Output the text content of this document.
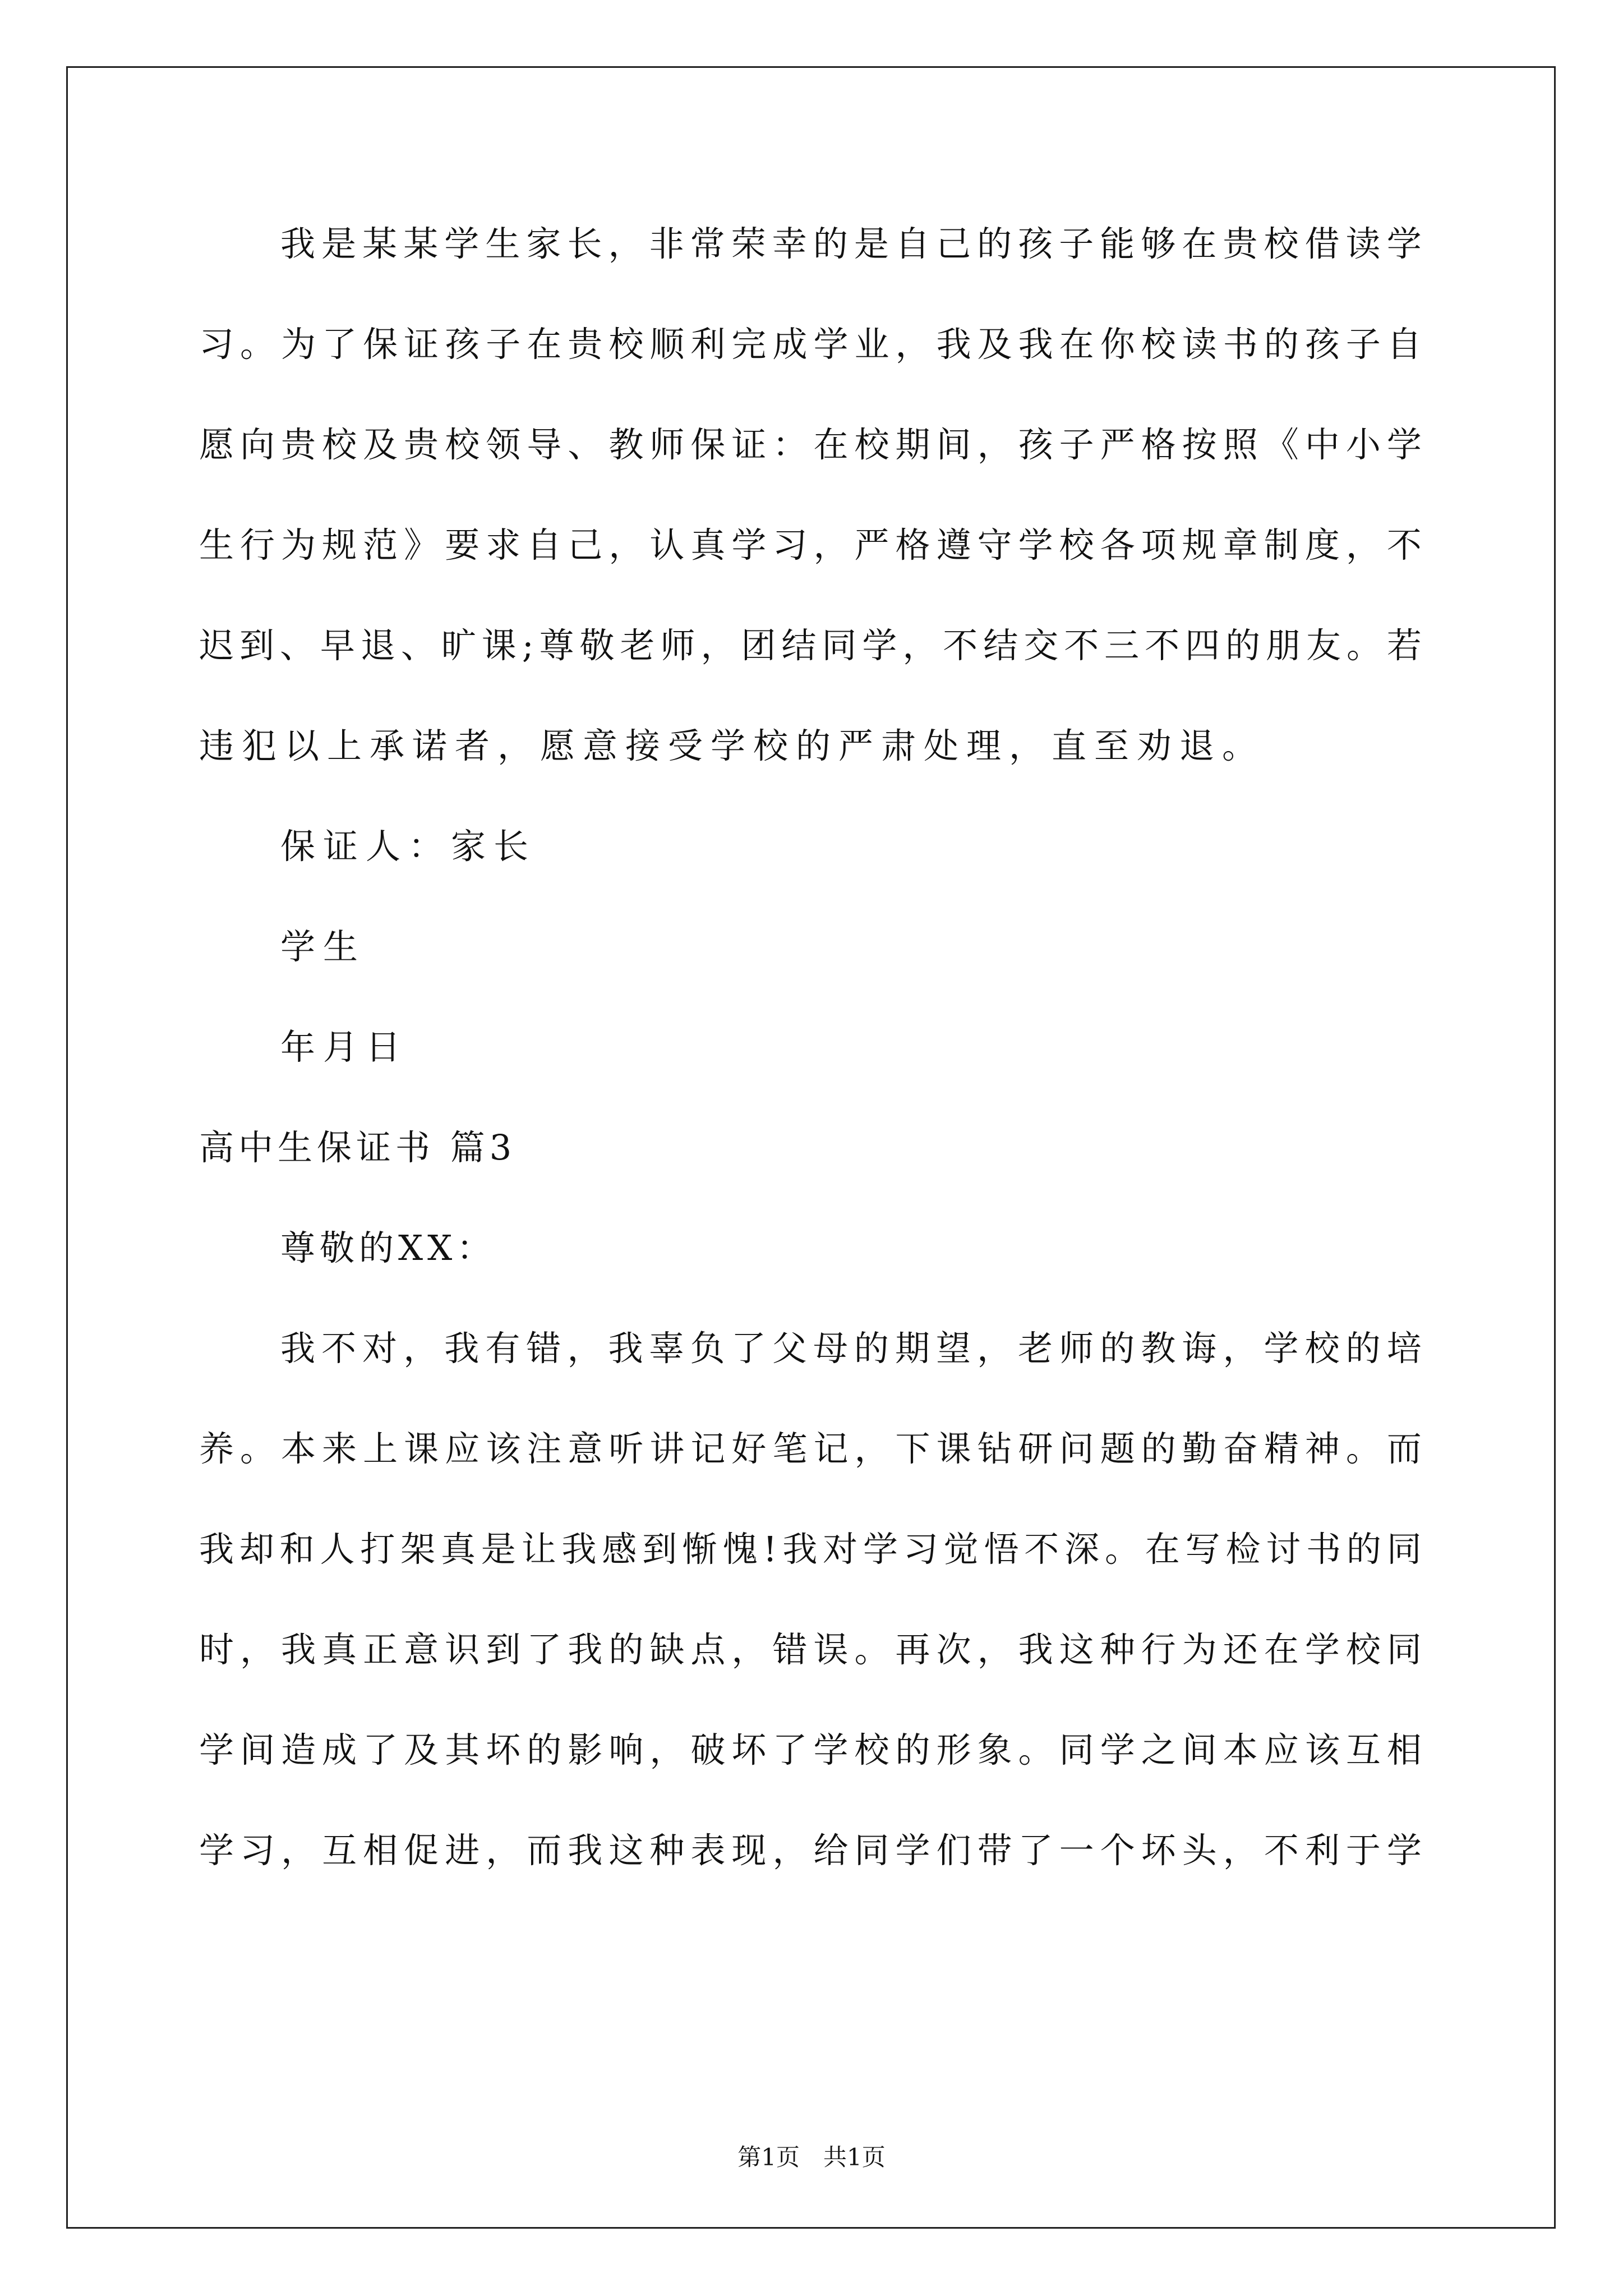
我 是 某 某 学 生 家 长 ， 非 常 荣 幸 的 是 自 己 的 孩 子 能 够 在 贵 校 借 读 学
习 。 为 了 保 证 孩 子 在 贵 校 顺 利 完 成 学 业 ， 我 及 我 在 你 校 读 书 的 孩 子 自
愿 向 贵 校 及 贵 校 领 导 、 教 师 保 证 ： 在 校 期 间 ， 孩 子 严 格 按 照 《 中 小 学
生 行 为 规 范 》 要 求 自 己 ， 认 真 学 习 ， 严 格 遵 守 学 校 各 项 规 章 制 度 ， 不
迟 到 、 早 退 、 旷 课 ; 尊 敬 老 师 ， 团 结 同 学 ， 不 结 交 不 三 不 四 的 朋 友 。 若
违犯以上承诺者，愿意接受学校的严肃处理，直至劝退。
保证人：家长
学生
年月日
高中生保证书 篇3
尊敬的XX：
我 不 对 ， 我 有 错 ， 我 辜 负 了 父 母 的 期 望 ， 老 师 的 教 诲 ， 学 校 的 培
养 。 本 来 上 课 应 该 注 意 听 讲 记 好 笔 记 ， 下 课 钻 研 问 题 的 勤 奋 精 神 。 而
我 却 和 人 打 架 真 是 让 我 感 到 惭 愧 ! 我 对 学 习 觉 悟 不 深 。 在 写 检 讨 书 的 同
时 ， 我 真 正 意 识 到 了 我 的 缺 点 ， 错 误 。 再 次 ， 我 这 种 行 为 还 在 学 校 同
学 间 造 成 了 及 其 坏 的 影 响 ， 破 坏 了 学 校 的 形 象 。 同 学 之 间 本 应 该 互 相
学 习 ， 互 相 促 进 ， 而 我 这 种 表 现 ， 给 同 学 们 带 了 一 个 坏 头 ， 不 利 于 学
第1页　共1页
